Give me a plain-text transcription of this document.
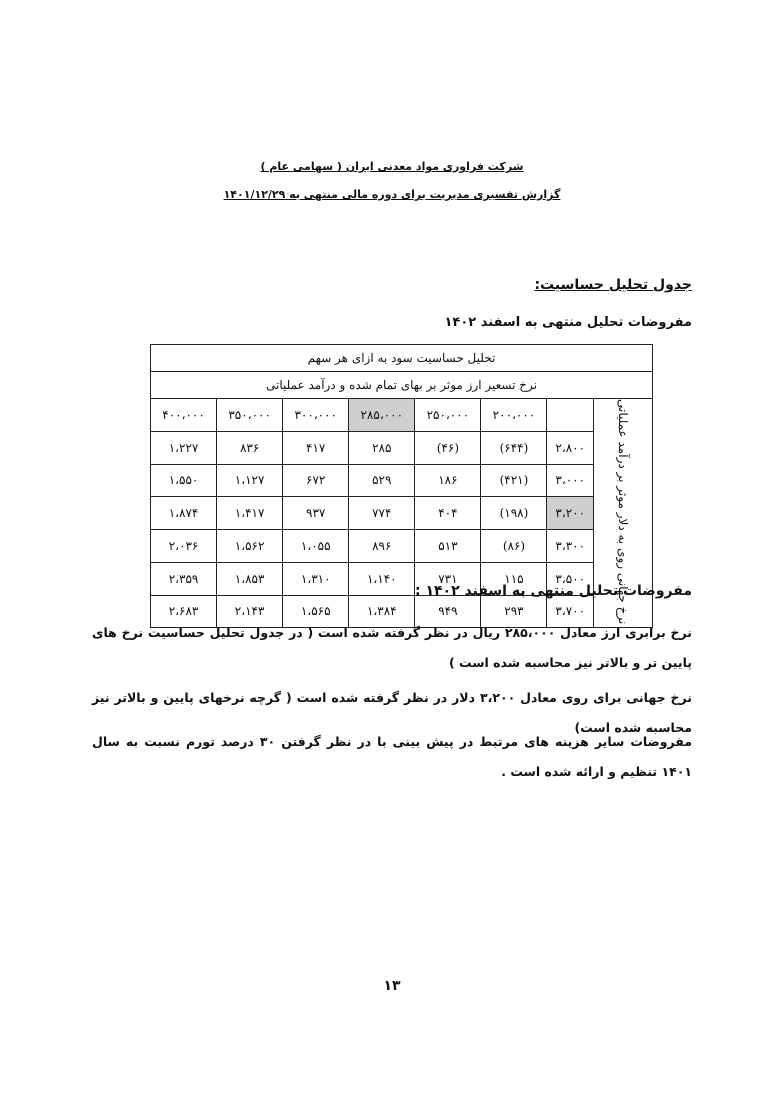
شرکت فراوری مواد معدنی ایران ( سهامی عام )
گزارش تفسیری مدیریت برای دوره مالی منتهی به ۱۴۰۱/۱۲/۲۹
جدول تحلیل حساسیت:
مفروضات تحلیل منتهی به اسفند ۱۴۰۲
تحلیل حساسیت سود به ازای هر سهم							
نرخ تسعیر ارز موثر بر بهای تمام شده و درآمد عملیاتی							
نرخ جهانی روی به دلار موثر بر درآمد عملیاتی		۲۰۰،۰۰۰	۲۵۰،۰۰۰	۲۸۵،۰۰۰	۳۰۰،۰۰۰	۳۵۰،۰۰۰	۴۰۰،۰۰۰
	۲،۸۰۰	(۶۴۴)	(۴۶)	۲۸۵	۴۱۷	۸۳۶	۱،۲۲۷
	۳،۰۰۰	(۴۲۱)	۱۸۶	۵۲۹	۶۷۲	۱،۱۲۷	۱،۵۵۰
	۳،۲۰۰	(۱۹۸)	۴۰۴	۷۷۴	۹۳۷	۱،۴۱۷	۱،۸۷۴
	۳،۳۰۰	(۸۶)	۵۱۳	۸۹۶	۱،۰۵۵	۱،۵۶۲	۲،۰۳۶
	۳،۵۰۰	۱۱۵	۷۳۱	۱،۱۴۰	۱،۳۱۰	۱،۸۵۳	۲،۳۵۹
	۳،۷۰۰	۲۹۳	۹۴۹	۱،۳۸۴	۱،۵۶۵	۲،۱۴۳	۲،۶۸۳
مفروضات تحلیل منتهی به اسفند ۱۴۰۲ :
نرخ برابری ارز معادل ۲۸۵،۰۰۰ ریال در نظر گرفته شده است ( در جدول تحلیل حساسیت نرخ های پایین تر و بالاتر نیز محاسبه شده است )
نرخ جهانی برای روی معادل ۳،۲۰۰ دلار در نظر گرفته شده است ( گرچه نرخهای پایین و بالاتر نیز محاسبه شده است)
مفروضات سایر هزینه های مرتبط در پیش بینی با در نظر گرفتن ۳۰ درصد تورم نسبت به سال ۱۴۰۱ تنظیم و ارائه شده است .
۱۳
